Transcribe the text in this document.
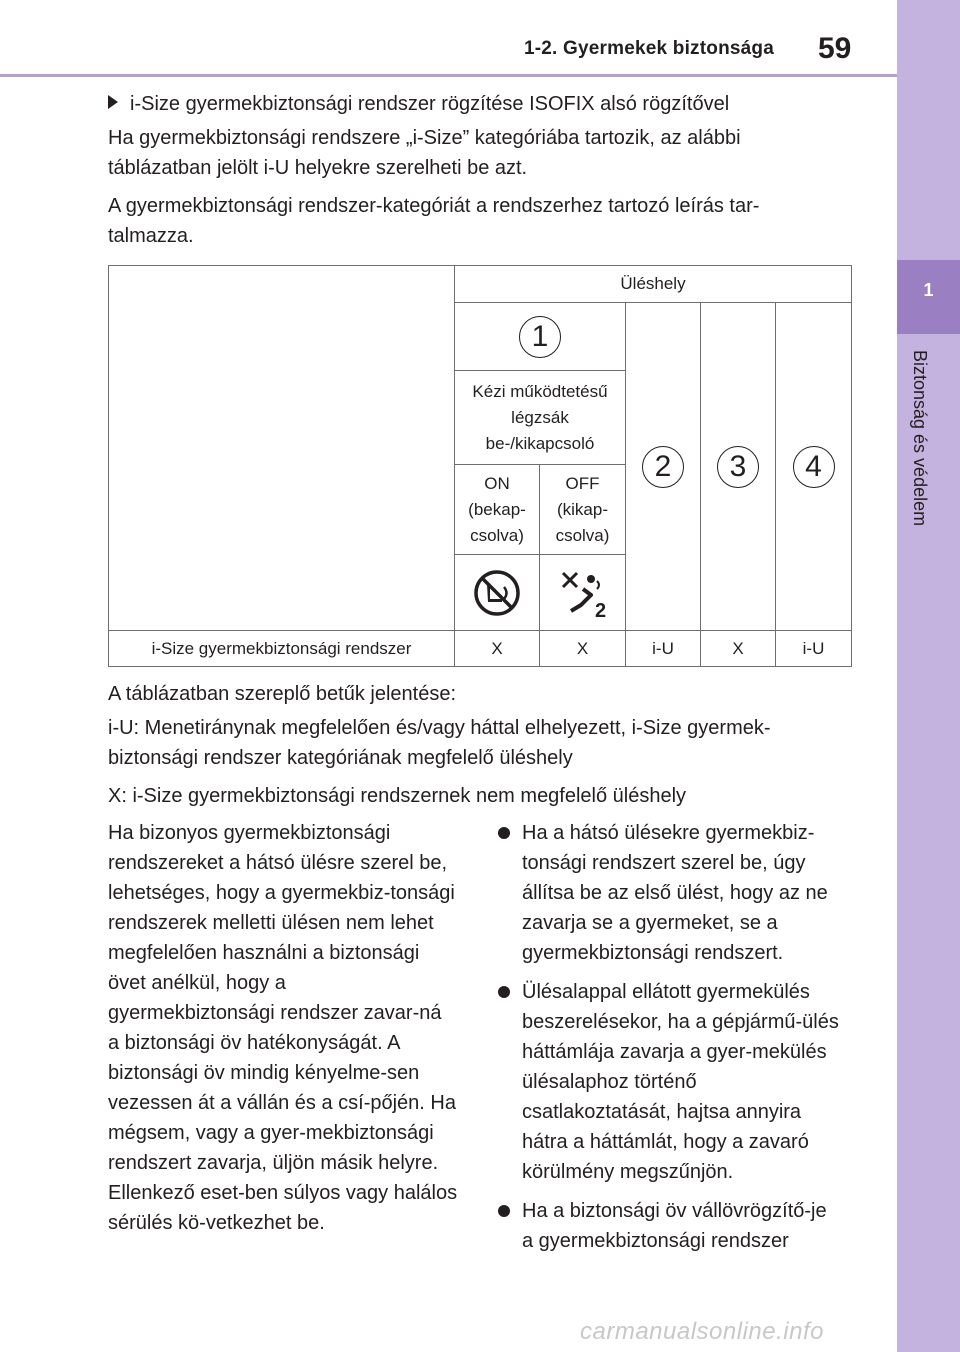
1-2. Gyermekek biztonsága 59
1
Biztonság és védelem
i-Size gyermekbiztonsági rendszer rögzítése ISOFIX alsó rögzítővel

Ha gyermekbiztonsági rendszere „i-Size” kategóriába tartozik, az alábbi táblázatban jelölt i-U helyekre szerelheti be azt.

A gyermekbiztonsági rendszer-kategóriát a rendszerhez tartozó leírás tar-talmazza.

	Üléshely				
	1		2	3	4
	Kézi működtetésű légzsák be-/kikapcsoló				
	ON (bekap-csolva)	OFF (kikap-csolva)			

2			

i-Size gyermekbiztonsági rendszer	X	X	i-U	X	i-U

A táblázatban szereplő betűk jelentése:

i-U: Menetiránynak megfelelően és/vagy háttal elhelyezett, i-Size gyermek-biztonsági rendszer kategóriának megfelelő üléshely

X: i-Size gyermekbiztonsági rendszernek nem megfelelő üléshely

Ha bizonyos gyermekbiztonsági rendszereket a hátsó ülésre szerel be, lehetséges, hogy a gyermekbiz-tonsági rendszerek melletti ülésen nem lehet megfelelően használni a biztonsági övet anélkül, hogy a gyermekbiztonsági rendszer zavar-ná a biztonsági öv hatékonyságát. A biztonsági öv mindig kényelme-sen vezessen át a vállán és a csí-pőjén. Ha mégsem, vagy a gyer-mekbiztonsági rendszert zavarja, üljön másik helyre. Ellenkező eset-ben súlyos vagy halálos sérülés kö-vetkezhet be.
Ha a hátsó ülésekre gyermekbiz-tonsági rendszert szerel be, úgy állítsa be az első ülést, hogy az ne zavarja se a gyermeket, se a gyermekbiztonsági rendszert.
Ülésalappal ellátott gyermekülés beszerelésekor, ha a gépjármű-ülés háttámlája zavarja a gyer-mekülés ülésalaphoz történő csatlakoztatását, hajtsa annyira hátra a háttámlát, hogy a zavaró körülmény megszűnjön.
Ha a biztonsági öv vállövrögzítő-je a gyermekbiztonsági rendszer
carmanualsonline.info
